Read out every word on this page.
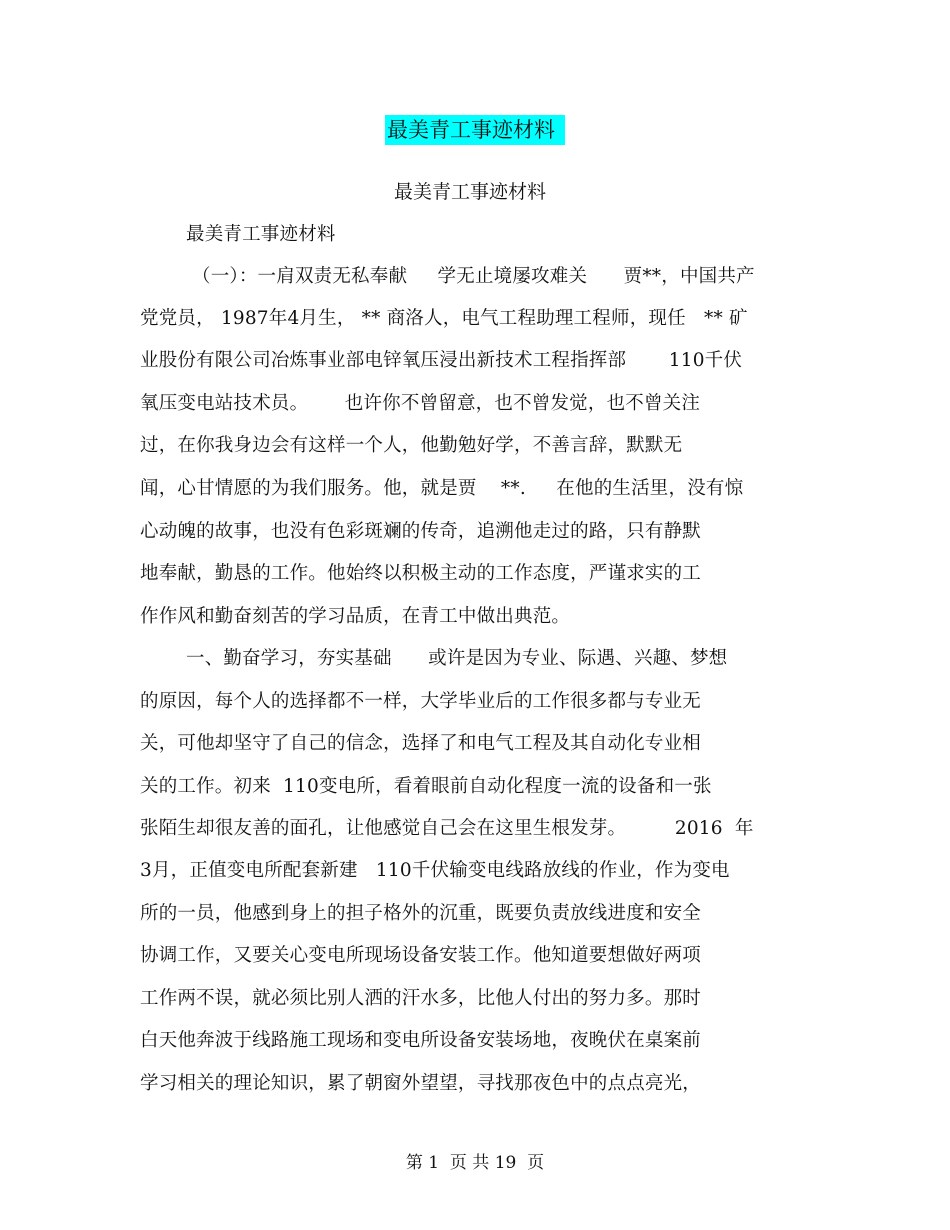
最美青工事迹材料
最美青工事迹材料
最美青工事迹材料
（一）：一肩双责无私奉献     学无止境屡攻难关      贾**，中国共产
党党员， 1987年4月生， ** 商洛人，电气工程助理工程师，现任   ** 矿
业股份有限公司冶炼事业部电锌氧压浸出新技术工程指挥部       110千伏
氧压变电站技术员。      也许你不曾留意，也不曾发觉，也不曾关注
过，在你我身边会有这样一个人，他勤勉好学，不善言辞，默默无
闻，心甘情愿的为我们服务。他，就是贾    **.     在他的生活里，没有惊
心动魄的故事，也没有色彩斑斓的传奇，追溯他走过的路，只有静默
地奉献，勤恳的工作。他始终以积极主动的工作态度，严谨求实的工
作作风和勤奋刻苦的学习品质，在青工中做出典范。
一、勤奋学习，夯实基础      或许是因为专业、际遇、兴趣、梦想
的原因，每个人的选择都不一样，大学毕业后的工作很多都与专业无
关，可他却坚守了自己的信念，选择了和电气工程及其自动化专业相
关的工作。初来  110变电所，看着眼前自动化程度一流的设备和一张
张陌生却很友善的面孔，让他感觉自己会在这里生根发芽。        2016  年
3月，正值变电所配套新建   110千伏输变电线路放线的作业，作为变电
所的一员，他感到身上的担子格外的沉重，既要负责放线进度和安全
协调工作，又要关心变电所现场设备安装工作。他知道要想做好两项
工作两不误，就必须比别人洒的汗水多，比他人付出的努力多。那时
白天他奔波于线路施工现场和变电所设备安装场地，夜晚伏在桌案前
学习相关的理论知识，累了朝窗外望望，寻找那夜色中的点点亮光，
第 1  页 共 19  页
